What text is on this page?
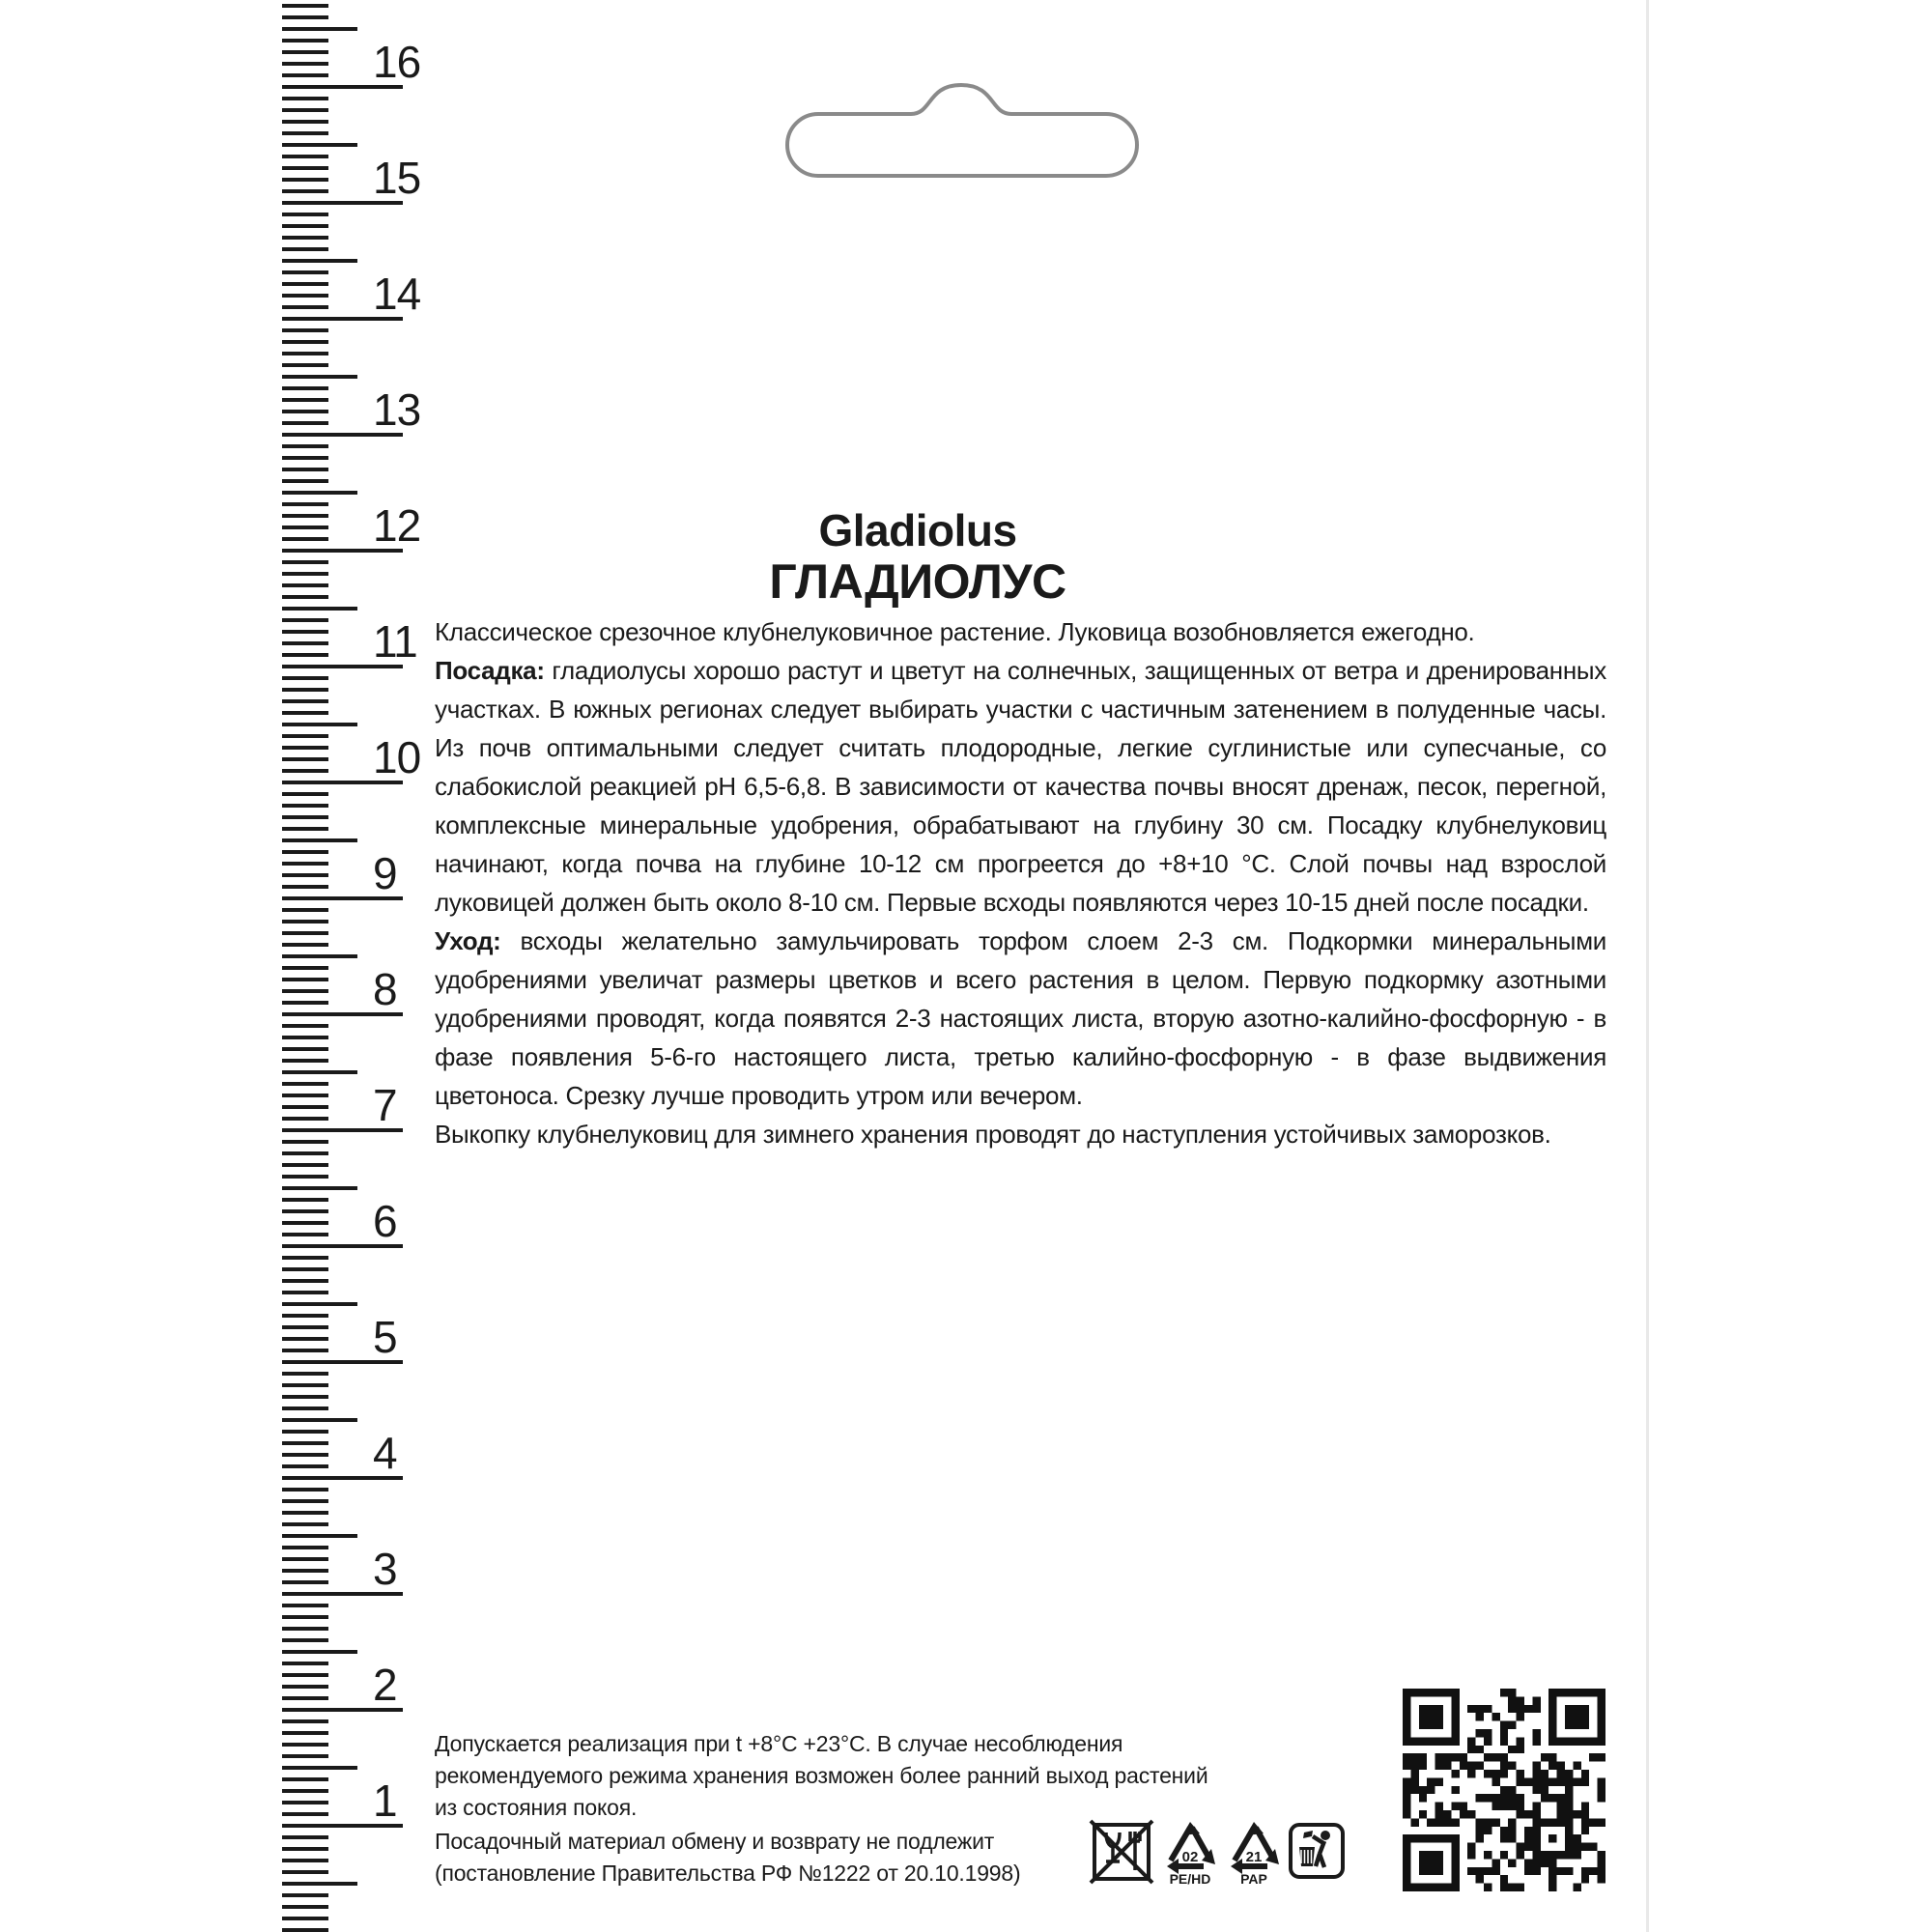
16
15
14
13
12
11
10
9
8
7
6
5
4
3
2
1
Gladiolus
ГЛАДИОЛУС

Классическое срезочное клубнелуковичное растение. Луковица возобновляется ежегодно.

Посадка: гладиолусы хорошо растут и цветут на солнечных, защищенных от ветра и дренированных участках. В южных регионах следует выбирать участки с частичным затенением в полуденные часы. Из почв оптимальными следует считать плодородные, легкие суглинистые или супесчаные, со слабокислой реакцией pH 6,5-6,8. В зависимости от качества почвы вносят дренаж, песок, перегной, комплексные минеральные удобрения, обрабатывают на глубину 30 см. Посадку клубнелуковиц начинают, когда почва на глубине 10-12 см прогреется до +8+10 °С. Слой почвы над взрослой луковицей должен быть около 8-10 см. Первые всходы появляются через 10-15 дней после посадки.

Уход: всходы желательно замульчировать торфом слоем 2-3 см. Подкормки минеральными удобрениями увеличат размеры цветков и всего растения в целом. Первую подкормку азотными удобрениями проводят, когда появятся 2-3 настоящих листа, вторую азотно-калийно-фосфорную - в фазе появления 5-6-го настоящего листа, третью калийно-фосфорную - в фазе выдвижения цветоноса. Срезку лучше проводить утром или вечером.

Выкопку клубнелуковиц для зимнего хранения проводят до наступления устойчивых заморозков.

Допускается реализация при t +8°С +23°С. В случае несоблюдения
рекомендуемого режима хранения возможен более ранний выход растений
из состояния покоя.
Посадочный материал обмену и возврату не подлежит
(постановление Правительства РФ №1222 от 20.10.1998)
02
PE/HD
21
PAP
